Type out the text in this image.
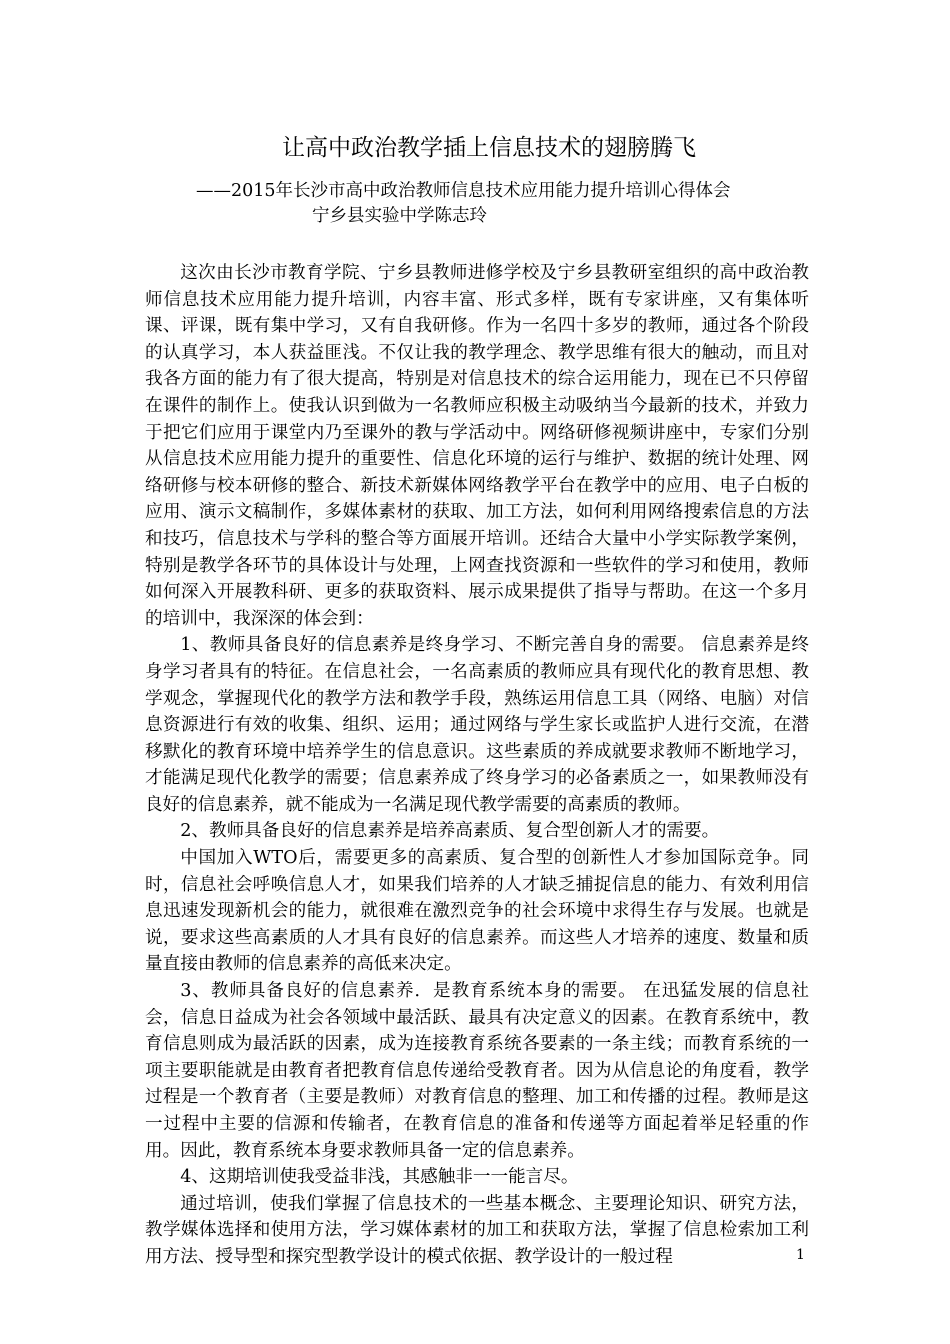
让高中政治教学插上信息技术的翅膀腾飞
——2015年长沙市高中政治教师信息技术应用能力提升培训心得体会
宁乡县实验中学陈志玲

这次由长沙市教育学院、宁乡县教师进修学校及宁乡县教研室组织的高中政治教师信息技术应用能力提升培训，内容丰富、形式多样，既有专家讲座，又有集体听课、评课，既有集中学习，又有自我研修。作为一名四十多岁的教师，通过各个阶段的认真学习，本人获益匪浅。不仅让我的教学理念、教学思维有很大的触动，而且对我各方面的能力有了很大提高，特别是对信息技术的综合运用能力，现在已不只停留在课件的制作上。使我认识到做为一名教师应积极主动吸纳当今最新的技术，并致力于把它们应用于课堂内乃至课外的教与学活动中。网络研修视频讲座中，专家们分别从信息技术应用能力提升的重要性、信息化环境的运行与维护、数据的统计处理、网络研修与校本研修的整合、新技术新媒体网络教学平台在教学中的应用、电子白板的应用、演示文稿制作，多媒体素材的获取、加工方法，如何利用网络搜索信息的方法和技巧，信息技术与学科的整合等方面展开培训。还结合大量中小学实际教学案例，特别是教学各环节的具体设计与处理，上网查找资源和一些软件的学习和使用，教师如何深入开展教科研、更多的获取资料、展示成果提供了指导与帮助。在这一个多月的培训中，我深深的体会到：

1、教师具备良好的信息素养是终身学习、不断完善自身的需要。 信息素养是终身学习者具有的特征。在信息社会，一名高素质的教师应具有现代化的教育思想、教学观念，掌握现代化的教学方法和教学手段，熟练运用信息工具（网络、电脑）对信息资源进行有效的收集、组织、运用；通过网络与学生家长或监护人进行交流，在潜移默化的教育环境中培养学生的信息意识。这些素质的养成就要求教师不断地学习，才能满足现代化教学的需要；信息素养成了终身学习的必备素质之一，如果教师没有良好的信息素养，就不能成为一名满足现代教学需要的高素质的教师。

2、教师具备良好的信息素养是培养高素质、复合型创新人才的需要。

中国加入WTO后，需要更多的高素质、复合型的创新性人才参加国际竞争。同时，信息社会呼唤信息人才，如果我们培养的人才缺乏捕捉信息的能力、有效利用信息迅速发现新机会的能力，就很难在激烈竞争的社会环境中求得生存与发展。也就是说，要求这些高素质的人才具有良好的信息素养。而这些人才培养的速度、数量和质量直接由教师的信息素养的高低来决定。

3、教师具备良好的信息素养．是教育系统本身的需要。 在迅猛发展的信息社会，信息日益成为社会各领域中最活跃、最具有决定意义的因素。在教育系统中，教育信息则成为最活跃的因素，成为连接教育系统各要素的一条主线；而教育系统的一项主要职能就是由教育者把教育信息传递给受教育者。因为从信息论的角度看，教学过程是一个教育者（主要是教师）对教育信息的整理、加工和传播的过程。教师是这一过程中主要的信源和传输者，在教育信息的准备和传递等方面起着举足轻重的作用。因此，教育系统本身要求教师具备一定的信息素养。

4、这期培训使我受益非浅，其感触非一一能言尽。

通过培训，使我们掌握了信息技术的一些基本概念、主要理论知识、研究方法，教学媒体选择和使用方法，学习媒体素材的加工和获取方法，掌握了信息检索加工利用方法、授导型和探究型教学设计的模式依据、教学设计的一般过程	1
